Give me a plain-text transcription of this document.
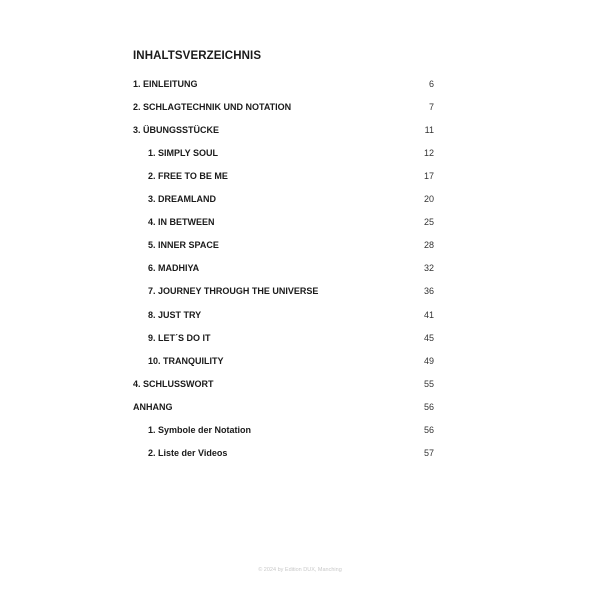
INHALTSVERZEICHNIS
1. EINLEITUNG	6
2. SCHLAGTECHNIK UND NOTATION	7
3. ÜBUNGSSTÜCKE	11
1. SIMPLY SOUL	12
2. FREE TO BE ME	17
3. DREAMLAND	20
4. IN BETWEEN	25
5. INNER SPACE	28
6. MADHIYA	32
7. JOURNEY THROUGH THE UNIVERSE	36
8. JUST TRY	41
9. LET´S DO IT	45
10. TRANQUILITY	49
4. SCHLUSSWORT	55
ANHANG	56
1. Symbole der Notation	56
2. Liste der Videos	57
© 2024 by Edition DUX, Manching
